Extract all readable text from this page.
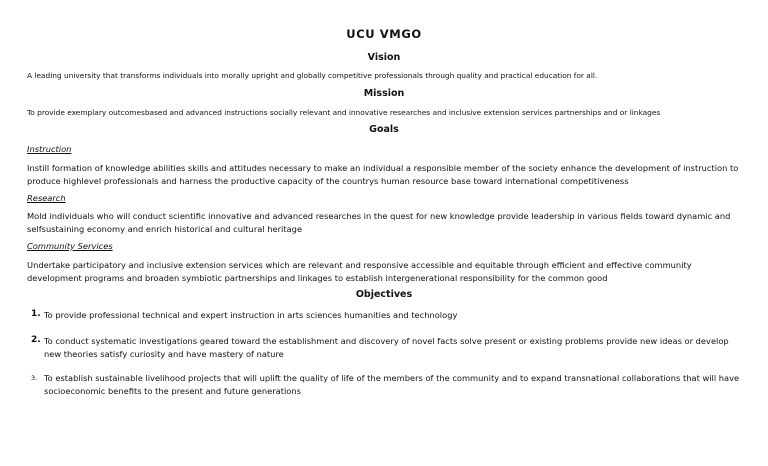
UCU VMGO
Vision
A leading university that transforms individuals into morally upright and globally competitive professionals through quality and practical education for all.
Mission
To provide exemplary outcomesbased and advanced instructions socially relevant and innovative researches and inclusive extension services partnerships and or linkages
Goals
Instruction
Instill formation of knowledge abilities skills and attitudes necessary to make an individual a responsible member of the society enhance the development of instruction to produce highlevel professionals and harness the productive capacity of the countrys human resource base toward international competitiveness
Research
Mold individuals who will conduct scientific innovative and advanced researches in the quest for new knowledge provide leadership in various fields toward dynamic and selfsustaining economy and enrich historical and cultural heritage
Community Services
Undertake participatory and inclusive extension services which are relevant and responsive accessible and equitable through efficient and effective community development programs and broaden symbiotic partnerships and linkages to establish intergenerational responsibility for the common good
Objectives
1. To provide professional technical and expert instruction in arts sciences humanities and technology
2. To conduct systematic investigations geared toward the establishment and discovery of novel facts solve present or existing problems provide new ideas or develop new theories satisfy curiosity and have mastery of nature
3. To establish sustainable livelihood projects that will uplift the quality of life of the members of the community and to expand transnational collaborations that will have socioeconomic benefits to the present and future generations
